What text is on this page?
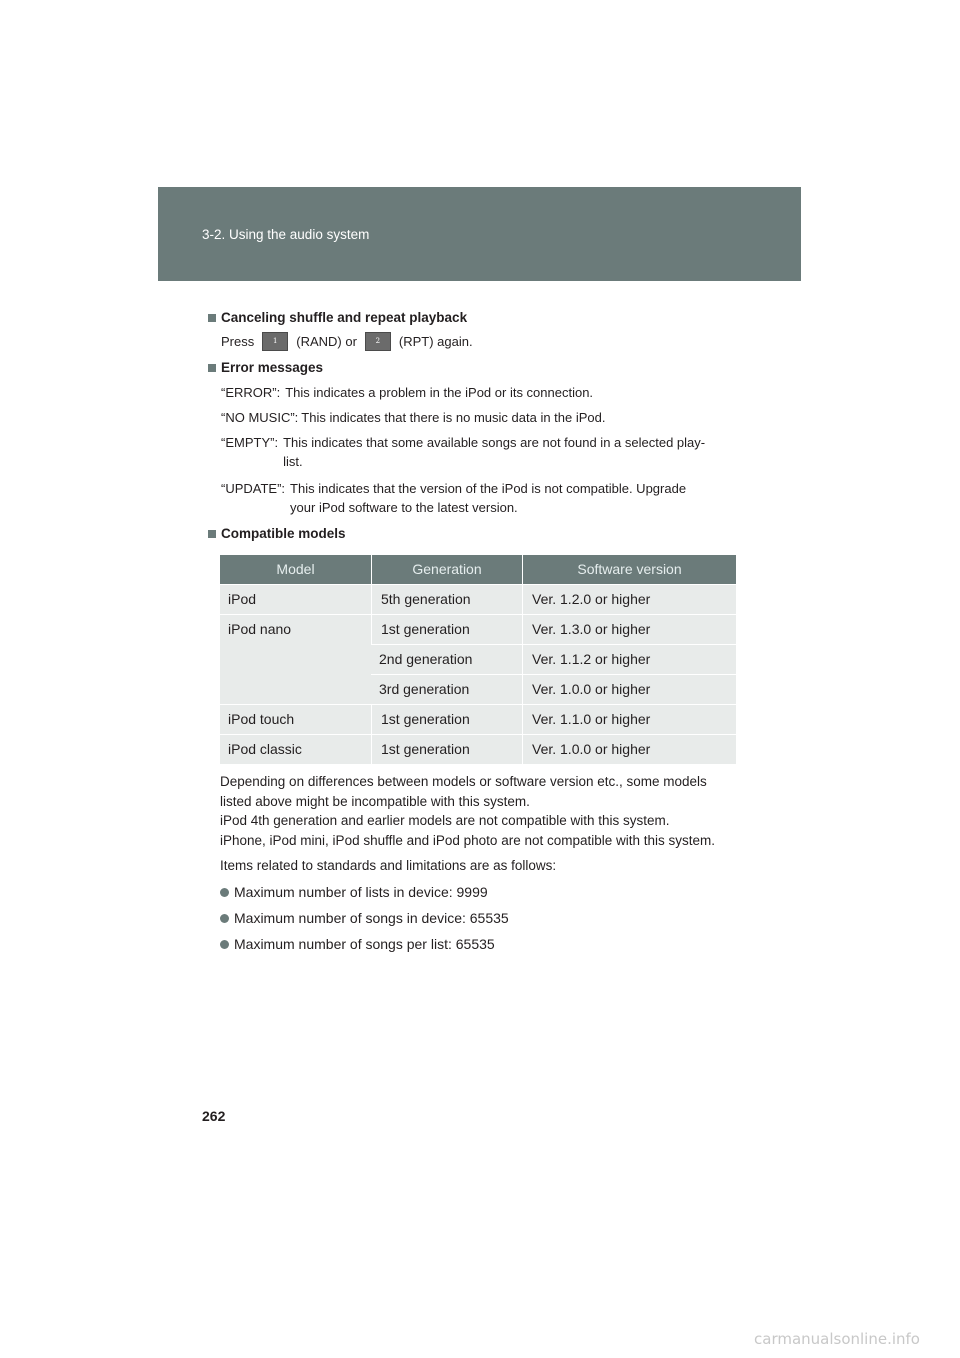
3-2. Using the audio system
Canceling shuffle and repeat playback
Press	1	(RAND) or	2	(RPT) again.
Error messages
“ERROR”: This indicates a problem in the iPod or its connection.
“NO MUSIC”: This indicates that there is no music data in the iPod.
“EMPTY”: This indicates that some available songs are not found in a selected play-
list.
“UPDATE”: This indicates that the version of the iPod is not compatible. Upgrade
your iPod software to the latest version.
Compatible models
Model	Generation	Software version
iPod	5th generation	Ver. 1.2.0 or higher
iPod nano	1st generation	Ver. 1.3.0 or higher
	2nd generation	Ver. 1.1.2 or higher
	3rd generation	Ver. 1.0.0 or higher
iPod touch	1st generation	Ver. 1.1.0 or higher
iPod classic	1st generation	Ver. 1.0.0 or higher
Depending on differences between models or software version etc., some models
listed above might be incompatible with this system.
iPod 4th generation and earlier models are not compatible with this system.
iPhone, iPod mini, iPod shuffle and iPod photo are not compatible with this system.
Items related to standards and limitations are as follows:
Maximum number of lists in device: 9999
Maximum number of songs in device: 65535
Maximum number of songs per list: 65535
262
carmanualsonline.info
